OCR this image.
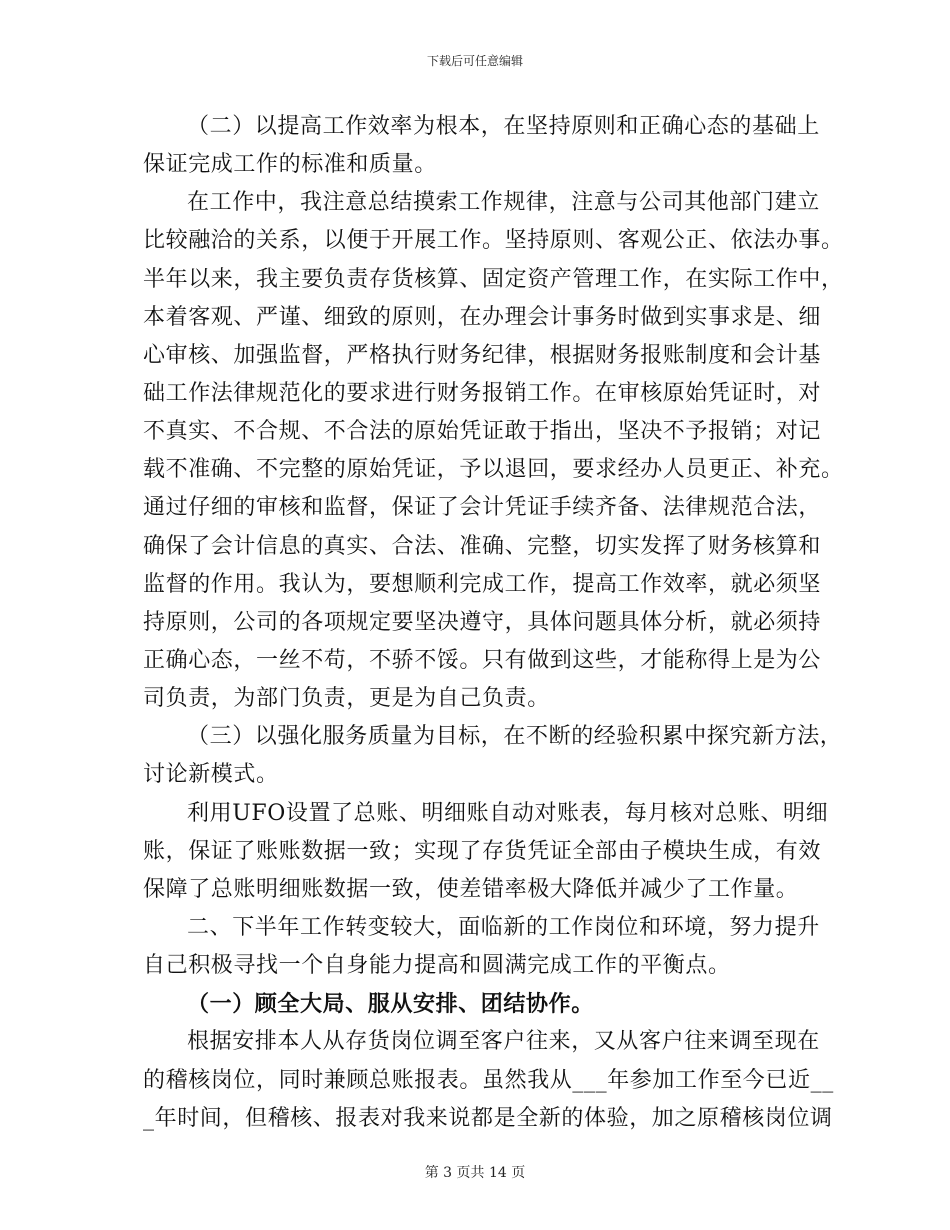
下载后可任意编辑
（二）以提高工作效率为根本，在坚持原则和正确心态的基础上
保证完成工作的标准和质量。
在工作中，我注意总结摸索工作规律，注意与公司其他部门建立
比较融洽的关系，以便于开展工作。坚持原则、客观公正、依法办事。
半年以来，我主要负责存货核算、固定资产管理工作，在实际工作中，
本着客观、严谨、细致的原则，在办理会计事务时做到实事求是、细
心审核、加强监督，严格执行财务纪律，根据财务报账制度和会计基
础工作法律规范化的要求进行财务报销工作。在审核原始凭证时，对
不真实、不合规、不合法的原始凭证敢于指出，坚决不予报销；对记
载不准确、不完整的原始凭证，予以退回，要求经办人员更正、补充。
通过仔细的审核和监督，保证了会计凭证手续齐备、法律规范合法，
确保了会计信息的真实、合法、准确、完整，切实发挥了财务核算和
监督的作用。我认为，要想顺利完成工作，提高工作效率，就必须坚
持原则，公司的各项规定要坚决遵守，具体问题具体分析，就必须持
正确心态，一丝不苟，不骄不馁。只有做到这些，才能称得上是为公
司负责，为部门负责，更是为自己负责。
（三）以强化服务质量为目标，在不断的经验积累中探究新方法，
讨论新模式。
利用UFO设置了总账、明细账自动对账表，每月核对总账、明细
账，保证了账账数据一致；实现了存货凭证全部由子模块生成，有效
保障了总账明细账数据一致，使差错率极大降低并减少了工作量。
二、下半年工作转变较大，面临新的工作岗位和环境，努力提升
自己积极寻找一个自身能力提高和圆满完成工作的平衡点。
（一）顾全大局、服从安排、团结协作。
根据安排本人从存货岗位调至客户往来，又从客户往来调至现在
的稽核岗位，同时兼顾总账报表。虽然我从___年参加工作至今已近__
_年时间，但稽核、报表对我来说都是全新的体验，加之原稽核岗位调
第 3 页共 14 页
